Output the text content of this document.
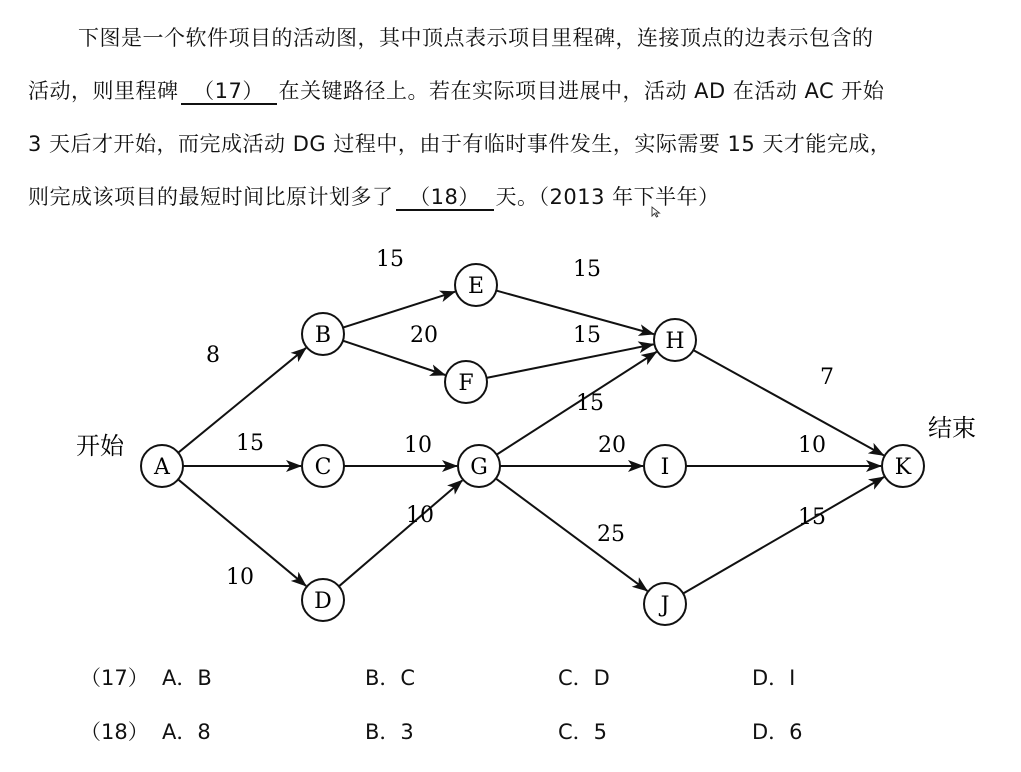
下图是一个软件项目的活动图，其中顶点表示项目里程碑，连接顶点的边表示包含的

活动，则里程碑 （17） 在关键路径上。若在实际项目进展中，活动 AD 在活动 AC 开始

3 天后才开始，而完成活动 DG 过程中，由于有临时事件发生，实际需要 15 天才能完成，

则完成该项目的最短时间比原计划多了 （18） 天。（2013 年下半年）

8
15
10
15
20
10
10
15
15
15
20
25
7
10
15
A
B
C
D
E
F
G
H
I
J
K
开始
结束
（17） A．B	B．C	C．D	D．I
（18） A．8	B．3	C．5	D．6
